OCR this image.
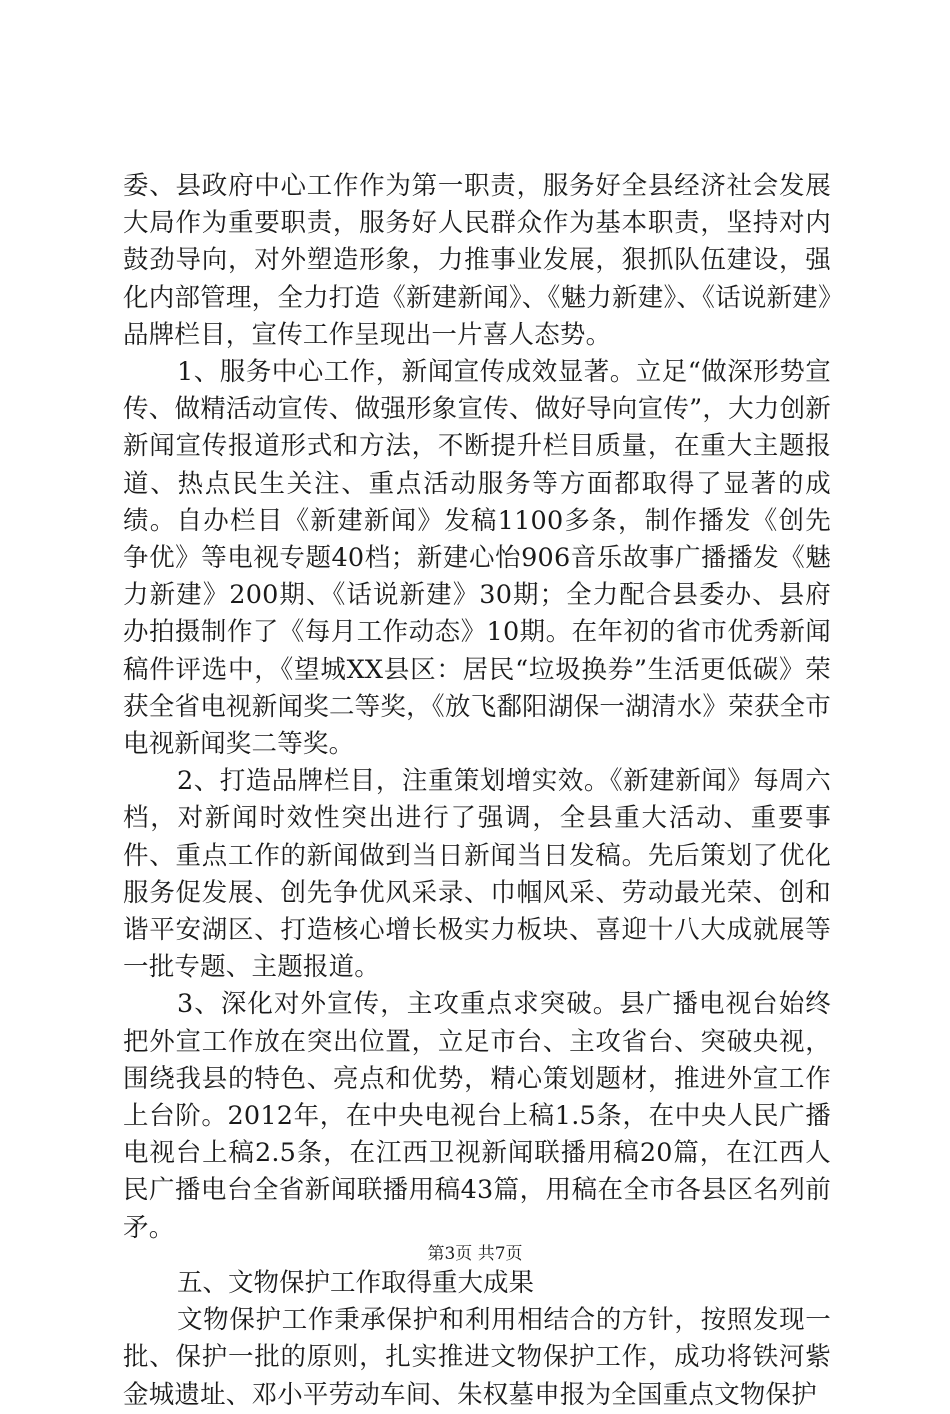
委、县政府中心工作作为第一职责，服务好全县经济社会发展大局作为重要职责，服务好人民群众作为基本职责，坚持对内鼓劲导向，对外塑造形象，力推事业发展，狠抓队伍建设，强化内部管理，全力打造《新建新闻》、《魅力新建》、《话说新建》品牌栏目，宣传工作呈现出一片喜人态势。

1、服务中心工作，新闻宣传成效显著。立足“做深形势宣传、做精活动宣传、做强形象宣传、做好导向宣传”，大力创新新闻宣传报道形式和方法，不断提升栏目质量，在重大主题报道、热点民生关注、重点活动服务等方面都取得了显著的成绩。自办栏目《新建新闻》发稿1100多条，制作播发《创先争优》等电视专题40档；新建心怡906音乐故事广播播发《魅力新建》200期、《话说新建》30期；全力配合县委办、县府办拍摄制作了《每月工作动态》10期。在年初的省市优秀新闻稿件评选中，《望城XX县区：居民“垃圾换券”生活更低碳》荣获全省电视新闻奖二等奖，《放飞鄱阳湖保一湖清水》荣获全市电视新闻奖二等奖。

2、打造品牌栏目，注重策划增实效。《新建新闻》每周六档，对新闻时效性突出进行了强调，全县重大活动、重要事件、重点工作的新闻做到当日新闻当日发稿。先后策划了优化服务促发展、创先争优风采录、巾帼风采、劳动最光荣、创和谐平安湖区、打造核心增长极实力板块、喜迎十八大成就展等一批专题、主题报道。

3、深化对外宣传，主攻重点求突破。县广播电视台始终把外宣工作放在突出位置，立足市台、主攻省台、突破央视，围绕我县的特色、亮点和优势，精心策划题材，推进外宣工作上台阶。2012年，在中央电视台上稿1.5条，在中央人民广播电视台上稿2.5条，在江西卫视新闻联播用稿20篇，在江西人民广播电台全省新闻联播用稿43篇，用稿在全市各县区名列前矛。

五、文物保护工作取得重大成果

文物保护工作秉承保护和利用相结合的方针，按照发现一批、保护一批的原则，扎实推进文物保护工作，成功将铁河紫金城遗址、邓小平劳动车间、朱权墓申报为全国重点文物保护

第3页 共7页
